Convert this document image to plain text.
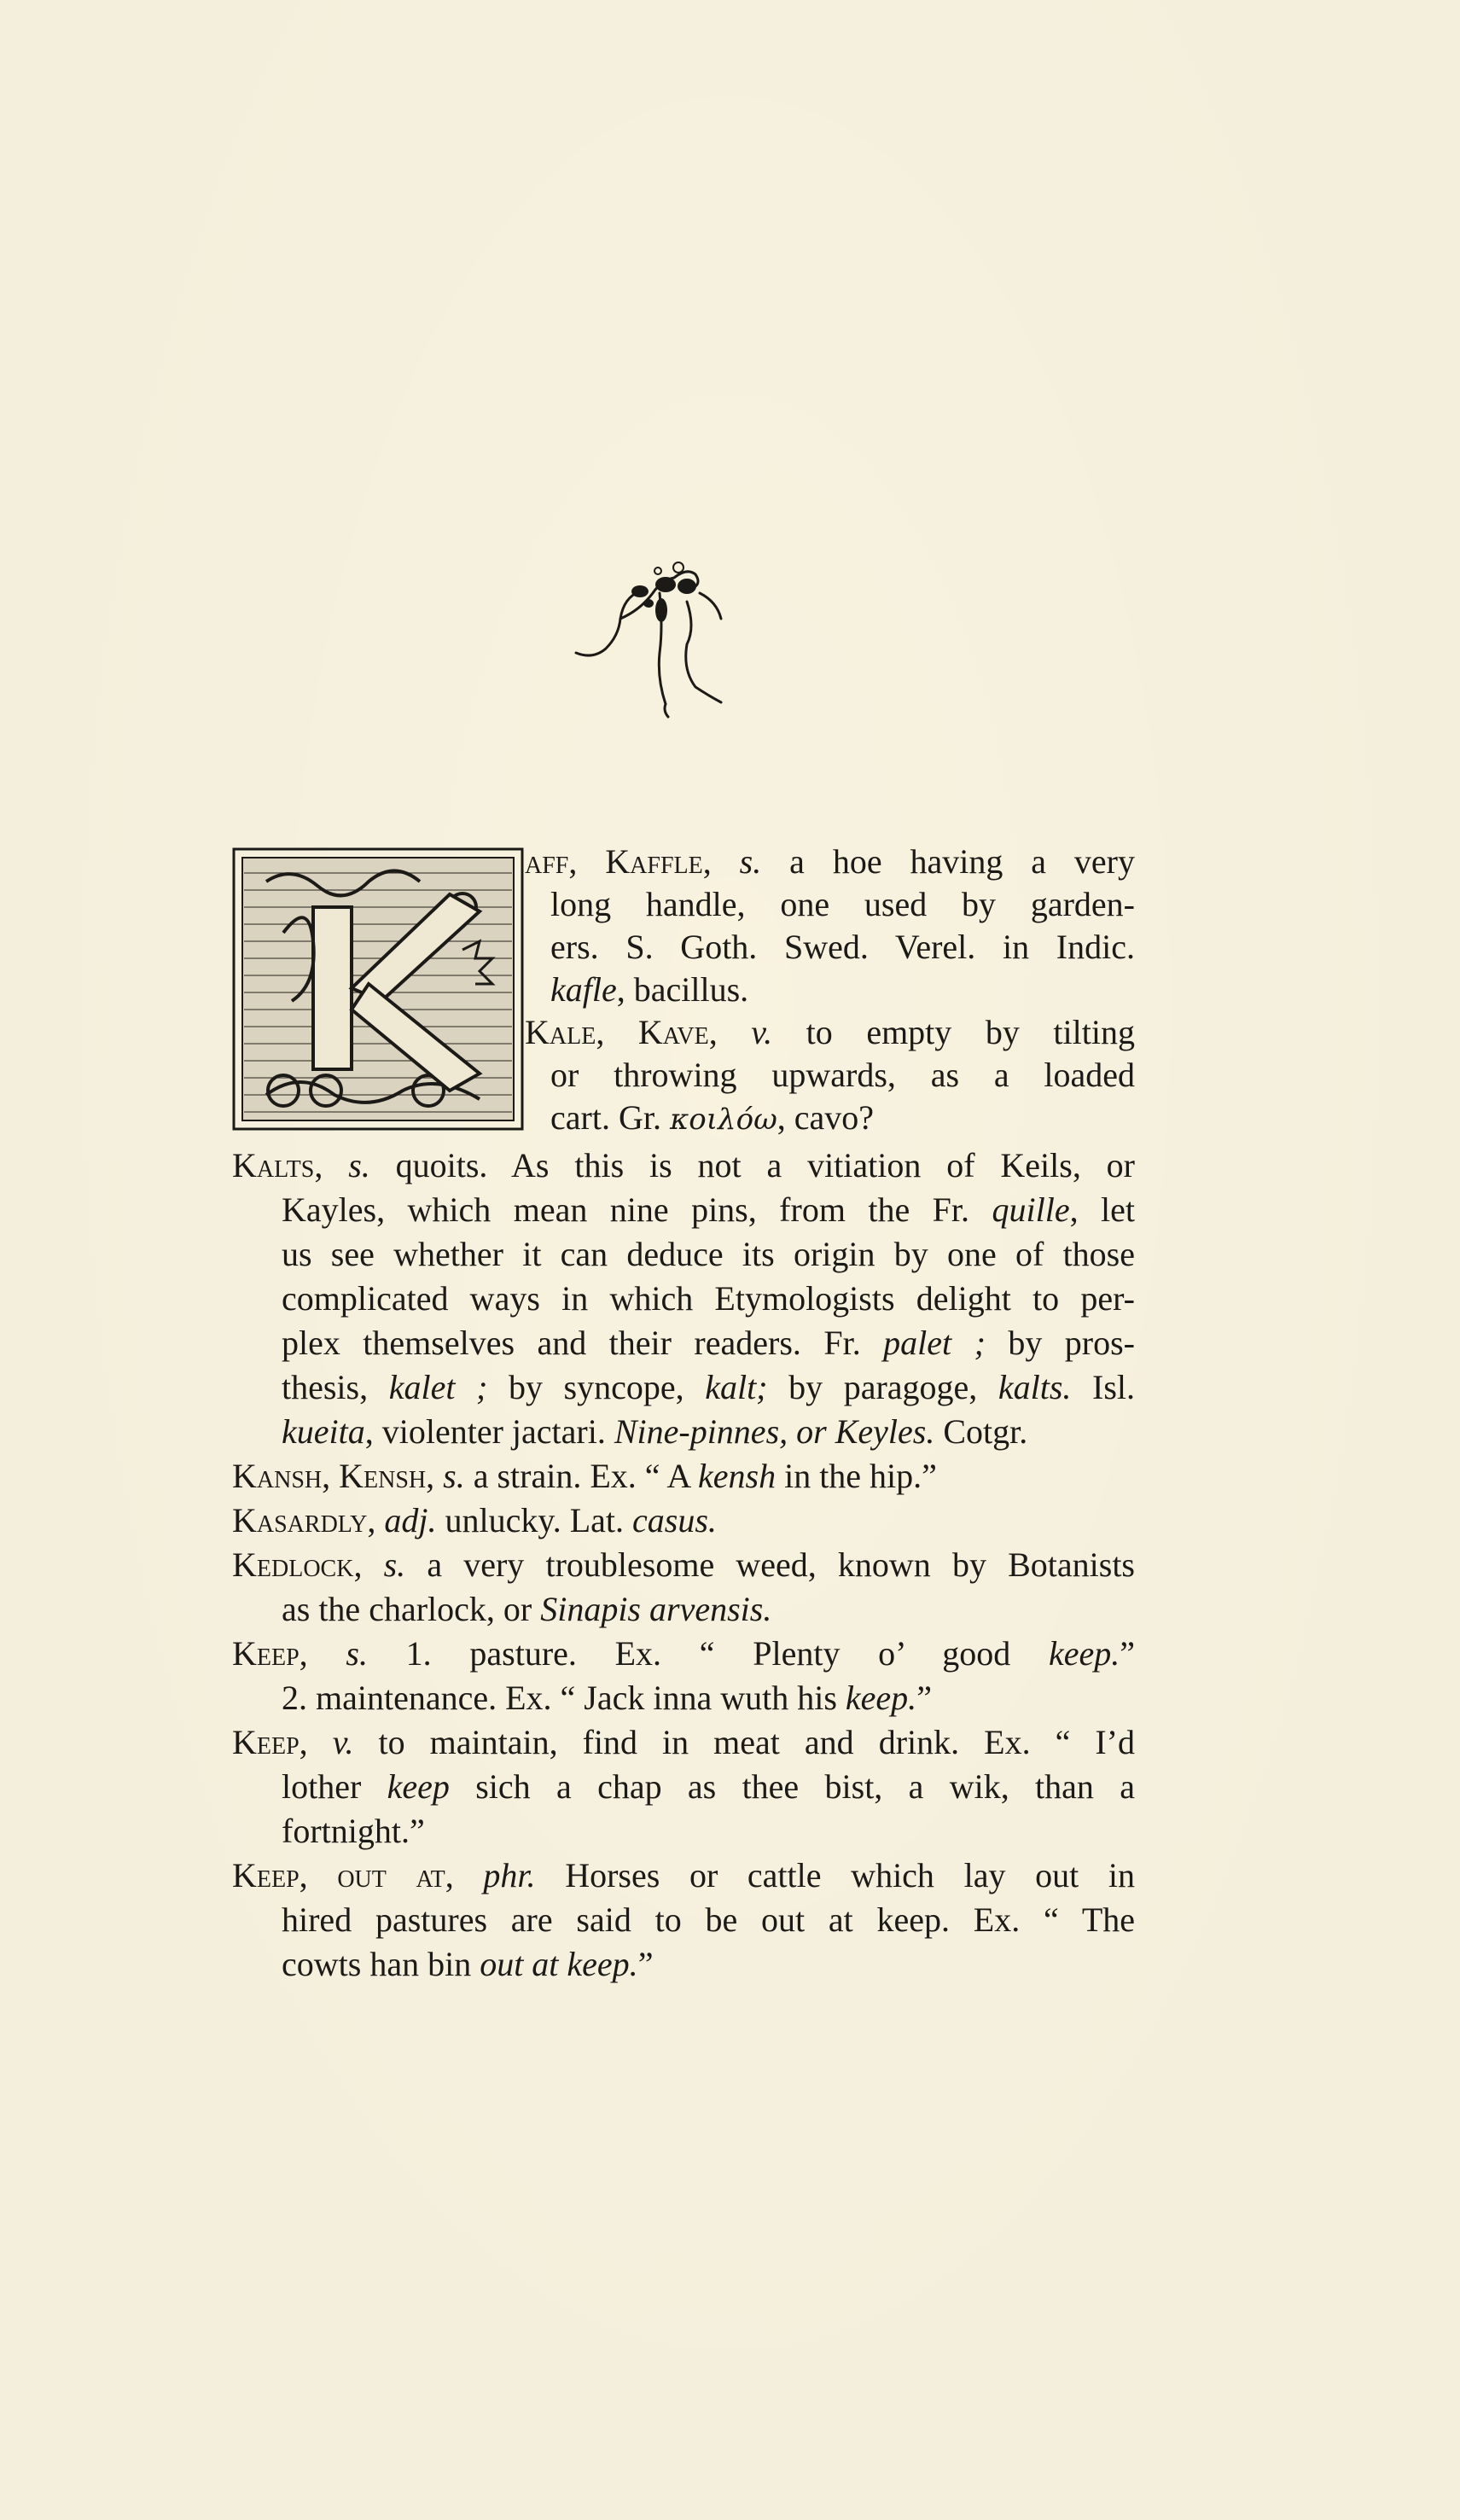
aff, Kaffle, s. a hoe having a very
long handle, one used by garden-
ers. S. Goth. Swed. Verel. in Indic.
kafle, bacillus.
Kale, Kave, v. to empty by tilting
or throwing upwards, as a loaded
cart. Gr. κοιλόω, cavo?
Kalts, s. quoits. As this is not a vitiation of Keils, or
Kayles, which mean nine pins, from the Fr. quille, let
us see whether it can deduce its origin by one of those
complicated ways in which Etymologists delight to per-
plex themselves and their readers. Fr. palet ; by pros-
thesis, kalet ; by syncope, kalt; by paragoge, kalts. Isl.
kueita, violenter jactari. Nine-pinnes, or Keyles. Cotgr.
Kansh, Kensh, s. a strain. Ex. “ A kensh in the hip.”
Kasardly, adj. unlucky. Lat. casus.
Kedlock, s. a very troublesome weed, known by Botanists
as the charlock, or Sinapis arvensis.
Keep, s. 1. pasture. Ex. “ Plenty o’ good keep.”
2. maintenance. Ex. “ Jack inna wuth his keep.”
Keep, v. to maintain, find in meat and drink. Ex. “ I’d
lother keep sich a chap as thee bist, a wik, than a
fortnight.”
Keep, out at, phr. Horses or cattle which lay out in
hired pastures are said to be out at keep. Ex. “ The
cowts han bin out at keep.”
